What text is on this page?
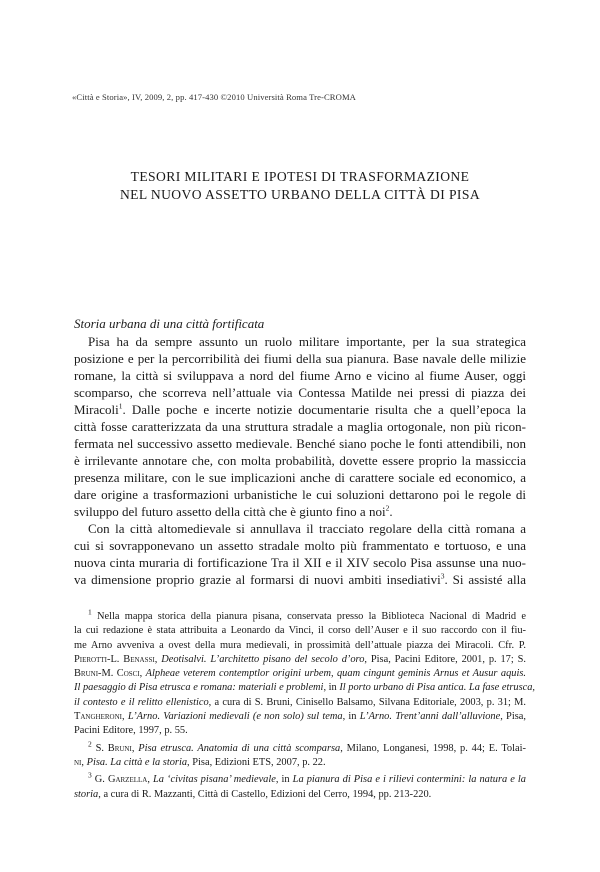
«Città e Storia», IV, 2009, 2, pp. 417-430 ©2010 Università Roma Tre-CROMA
TESORI MILITARI E IPOTESI DI TRASFORMAZIONE
NEL NUOVO ASSETTO URBANO DELLA CITTÀ DI PISA
Storia urbana di una città fortificata
Pisa ha da sempre assunto un ruolo militare importante, per la sua strategica
posizione e per la percorribilità dei fiumi della sua pianura. Base navale delle milizie
romane, la città si sviluppava a nord del fiume Arno e vicino al fiume Auser, oggi
scomparso, che scorreva nell’attuale via Contessa Matilde nei pressi di piazza dei
Miracoli$^1$. Dalle poche e incerte notizie documentarie risulta che a quell’epoca la
città fosse caratterizzata da una struttura stradale a maglia ortogonale, non più ricon-
fermata nel successivo assetto medievale. Benché siano poche le fonti attendibili, non
è irrilevante annotare che, con molta probabilità, dovette essere proprio la massiccia
presenza militare, con le sue implicazioni anche di carattere sociale ed economico, a
dare origine a trasformazioni urbanistiche le cui soluzioni dettarono poi le regole di
sviluppo del futuro assetto della città che è giunto fino a noi$^2$.
Con la città altomedievale si annullava il tracciato regolare della città romana a
cui si sovrapponevano un assetto stradale molto più frammentato e tortuoso, e una
nuova cinta muraria di fortificazione Tra il XII e il XIV secolo Pisa assunse una nuo-
va dimensione proprio grazie al formarsi di nuovi ambiti insediativi$^3$. Si assisté alla
$^1$ Nella mappa storica della pianura pisana, conservata presso la Biblioteca Nacional di Madrid e
la cui redazione è stata attribuita a Leonardo da Vinci, il corso dell’Auser e il suo raccordo con il fiu-
me Arno avveniva a ovest della mura medievali, in prossimità dell’attuale piazza dei Miracoli. Cfr. P.
Pierotti-L. Benassi, Deotisalvi. L’architetto pisano del secolo d’oro, Pisa, Pacini Editore, 2001, p. 17; S.
Bruni-M. Cosci, Alpheae veterem contemptlor origini urbem, quam cingunt geminis Arnus et Ausur aquis.
Il paesaggio di Pisa etrusca e romana: materiali e problemi, in Il porto urbano di Pisa antica. La fase etrusca,
il contesto e il relitto ellenistico, a cura di S. Bruni, Cinisello Balsamo, Silvana Editoriale, 2003, p. 31; M.
Tangheroni, L’Arno. Variazioni medievali (e non solo) sul tema, in L’Arno. Trent’anni dall’alluvione, Pisa,
Pacini Editore, 1997, p. 55.
$^2$ S. Bruni, Pisa etrusca. Anatomia di una città scomparsa, Milano, Longanesi, 1998, p. 44; E. Tolai-
ni, Pisa. La città e la storia, Pisa, Edizioni ETS, 2007, p. 22.
$^3$ G. Garzella, La ‘civitas pisana’ medievale, in La pianura di Pisa e i rilievi contermini: la natura e la
storia, a cura di R. Mazzanti, Città di Castello, Edizioni del Cerro, 1994, pp. 213-220.
